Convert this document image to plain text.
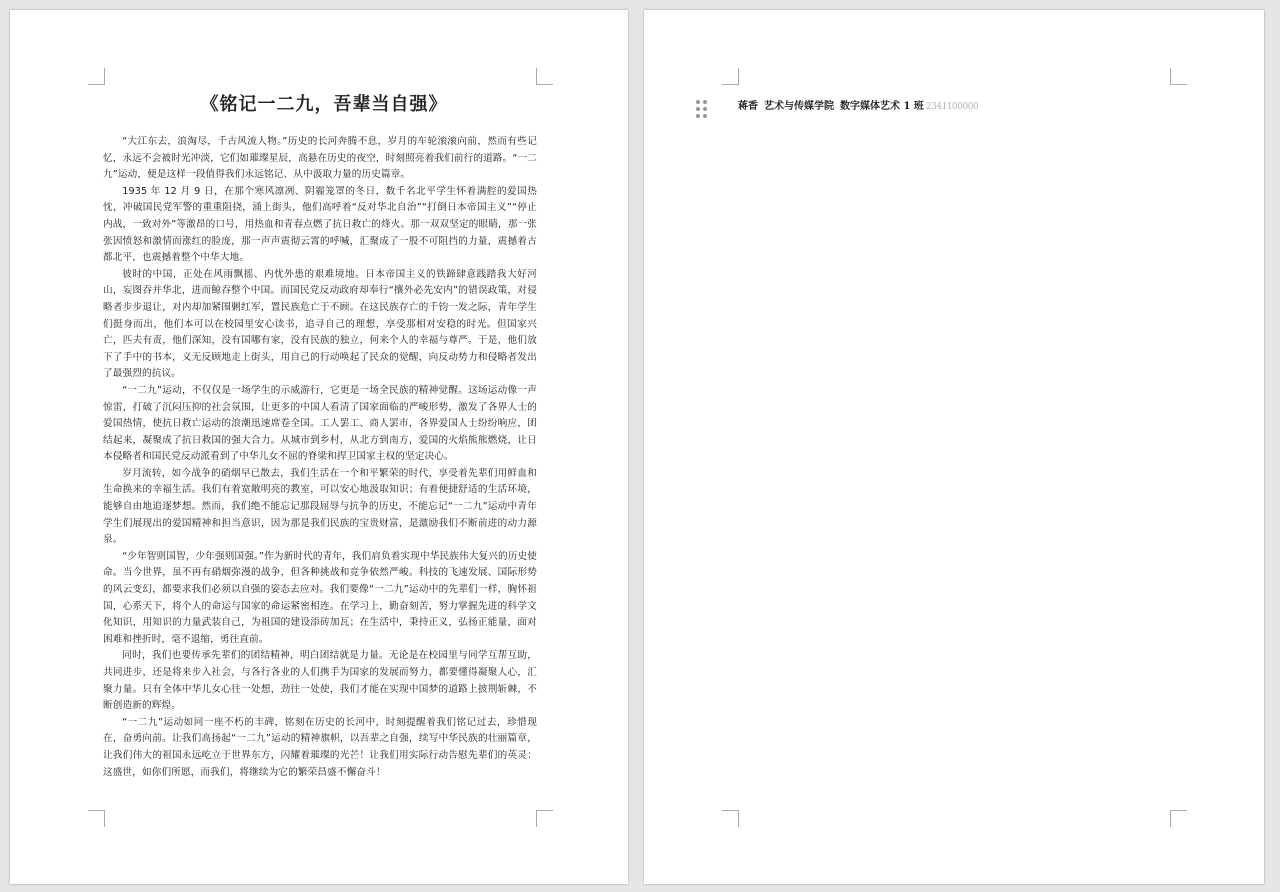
《铭记一二九，吾辈当自强》

“大江东去，浪淘尽，千古风流人物。”历史的长河奔腾不息，岁月的车轮滚滚向前，然而有些记忆，永远不会被时光冲淡，它们如璀璨星辰，高悬在历史的夜空，时刻照亮着我们前行的道路。“一二九”运动，便是这样一段值得我们永远铭记、从中汲取力量的历史篇章。

1935 年 12 月 9 日，在那个寒风凛冽、阴霾笼罩的冬日，数千名北平学生怀着满腔的爱国热忱，冲破国民党军警的重重阻挠，涌上街头，他们高呼着“反对华北自治”“打倒日本帝国主义”“停止内战，一致对外”等激昂的口号，用热血和青春点燃了抗日救亡的烽火。那一双双坚定的眼睛，那一张张因愤怒和激情而涨红的脸庞，那一声声震彻云霄的呼喊，汇聚成了一股不可阻挡的力量，震撼着古都北平，也震撼着整个中华大地。

彼时的中国，正处在风雨飘摇、内忧外患的艰难境地。日本帝国主义的铁蹄肆意践踏我大好河山，妄图吞并华北，进而鲸吞整个中国。而国民党反动政府却奉行“攘外必先安内”的错误政策，对侵略者步步退让，对内却加紧围剿红军，置民族危亡于不顾。在这民族存亡的千钧一发之际，青年学生们挺身而出，他们本可以在校园里安心读书，追寻自己的理想，享受那相对安稳的时光。但国家兴亡，匹夫有责，他们深知，没有国哪有家，没有民族的独立，何来个人的幸福与尊严。于是，他们放下了手中的书本，义无反顾地走上街头，用自己的行动唤起了民众的觉醒，向反动势力和侵略者发出了最强烈的抗议。

“一二九”运动，不仅仅是一场学生的示威游行，它更是一场全民族的精神觉醒。这场运动像一声惊雷，打破了沉闷压抑的社会氛围，让更多的中国人看清了国家面临的严峻形势，激发了各界人士的爱国热情，使抗日救亡运动的浪潮迅速席卷全国。工人罢工、商人罢市，各界爱国人士纷纷响应，团结起来，凝聚成了抗日救国的强大合力。从城市到乡村，从北方到南方，爱国的火焰熊熊燃烧，让日本侵略者和国民党反动派看到了中华儿女不屈的脊梁和捍卫国家主权的坚定决心。

岁月流转，如今战争的硝烟早已散去，我们生活在一个和平繁荣的时代，享受着先辈们用鲜血和生命换来的幸福生活。我们有着宽敞明亮的教室，可以安心地汲取知识；有着便捷舒适的生活环境，能够自由地追逐梦想。然而，我们绝不能忘记那段屈辱与抗争的历史，不能忘记“一二九”运动中青年学生们展现出的爱国精神和担当意识，因为那是我们民族的宝贵财富，是激励我们不断前进的动力源泉。

“少年智则国智，少年强则国强。”作为新时代的青年，我们肩负着实现中华民族伟大复兴的历史使命。当今世界，虽不再有硝烟弥漫的战争，但各种挑战和竞争依然严峻。科技的飞速发展、国际形势的风云变幻，都要求我们必须以自强的姿态去应对。我们要像“一二九”运动中的先辈们一样，胸怀祖国，心系天下，将个人的命运与国家的命运紧密相连。在学习上，勤奋刻苦，努力掌握先进的科学文化知识，用知识的力量武装自己，为祖国的建设添砖加瓦；在生活中，秉持正义，弘扬正能量，面对困难和挫折时，毫不退缩，勇往直前。

同时，我们也要传承先辈们的团结精神，明白团结就是力量。无论是在校园里与同学互帮互助，共同进步，还是将来步入社会，与各行各业的人们携手为国家的发展而努力，都要懂得凝聚人心，汇聚力量。只有全体中华儿女心往一处想，劲往一处使，我们才能在实现中国梦的道路上披荆斩棘，不断创造新的辉煌。

“一二九”运动如同一座不朽的丰碑，铭刻在历史的长河中，时刻提醒着我们铭记过去，珍惜现在，奋勇向前。让我们高扬起“一二九”运动的精神旗帜，以吾辈之自强，续写中华民族的壮丽篇章，让我们伟大的祖国永远屹立于世界东方，闪耀着璀璨的光芒！让我们用实际行动告慰先辈们的英灵：这盛世，如你们所愿，而我们，将继续为它的繁荣昌盛不懈奋斗！

蒋香 艺术与传媒学院 数字媒体艺术 1 班 2341100000
